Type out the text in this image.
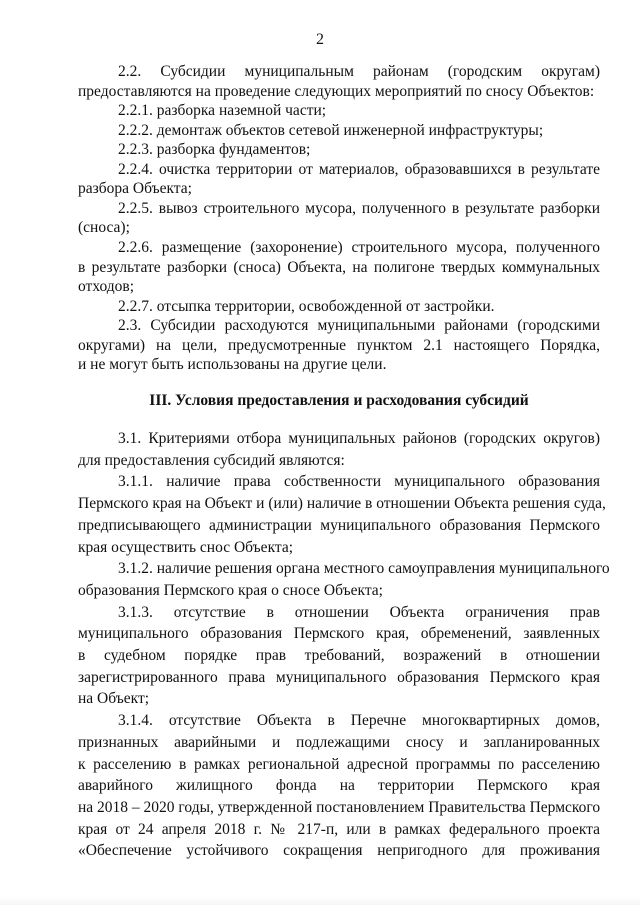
2
2.2. Субсидии муниципальным районам (городским округам)
предоставляются на проведение следующих мероприятий по сносу Объектов:
2.2.1. разборка наземной части;
2.2.2. демонтаж объектов сетевой инженерной инфраструктуры;
2.2.3. разборка фундаментов;
2.2.4. очистка территории от материалов, образовавшихся в результате
разбора Объекта;
2.2.5. вывоз строительного мусора, полученного в результате разборки
(сноса);
2.2.6. размещение (захоронение) строительного мусора, полученного
в результате разборки (сноса) Объекта, на полигоне твердых коммунальных
отходов;
2.2.7. отсыпка территории, освобожденной от застройки.
2.3. Субсидии расходуются муниципальными районами (городскими
округами) на цели, предусмотренные пунктом 2.1 настоящего Порядка,
и не могут быть использованы на другие цели.
III. Условия предоставления и расходования субсидий
3.1. Критериями отбора муниципальных районов (городских округов)
для предоставления субсидий являются:
3.1.1. наличие права собственности муниципального образования
Пермского края на Объект и (или) наличие в отношении Объекта решения суда,
предписывающего администрации муниципального образования Пермского
края осуществить снос Объекта;
3.1.2. наличие решения органа местного самоуправления муниципального
образования Пермского края о сносе Объекта;
3.1.3. отсутствие в отношении Объекта ограничения прав
муниципального образования Пермского края, обременений, заявленных
в судебном порядке прав требований, возражений в отношении
зарегистрированного права муниципального образования Пермского края
на Объект;
3.1.4. отсутствие Объекта в Перечне многоквартирных домов,
признанных аварийными и подлежащими сносу и запланированных
к расселению в рамках региональной адресной программы по расселению
аварийного жилищного фонда на территории Пермского края
на 2018 – 2020 годы, утвержденной постановлением Правительства Пермского
края от 24 апреля 2018 г. № 217-п, или в рамках федерального проекта
«Обеспечение устойчивого сокращения непригодного для проживания
